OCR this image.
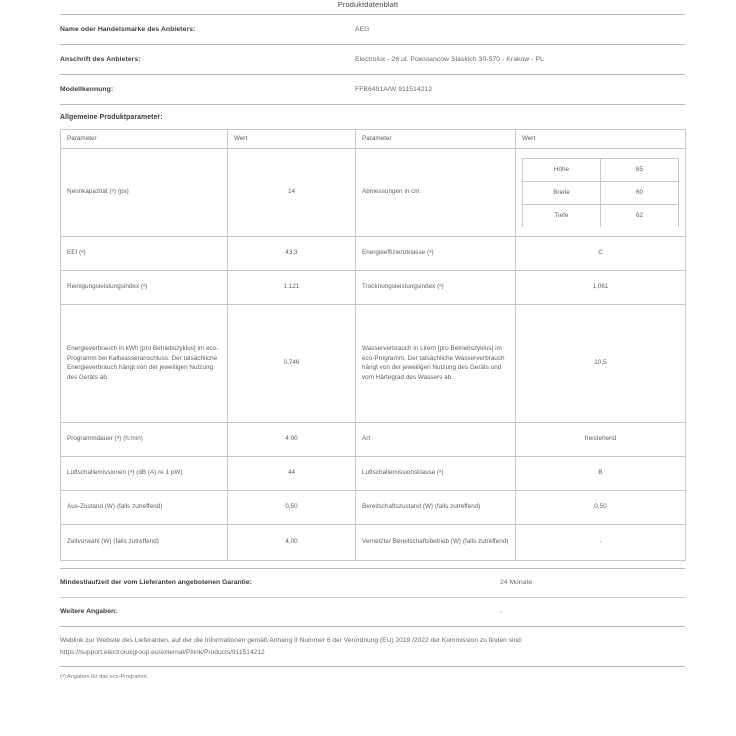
Produktdatenblatt
Name oder Handelsmarke des Anbieters:	AEG
Anschrift des Anbieters:	Electrolux - 26 ul. Powstancow Slaskich 30-570 - Krakow - PL
Modellkennung:	FFB6491A/W 911514212
Allgemeine Produktparameter:
Parameter	Wert	Parameter	Wert
Nennkapazität (ᵃ) (ps)	14	Abmessungen in cm	
Höhe	85
Breite	60
Tiefe	62

EEI (ᵃ)	43,3	Energieeffizienzklasse (ᵃ)	C
Reinigungsleistungsindex (ᵃ)	1,121	Trocknungsleistungsindex (ᵃ)	1,061
Energieverbrauch in kWh [pro Betriebszyklus] im eco-Programm bei Kaltwasseranschluss. Der tatsächliche Energieverbrauch hängt von der jeweiligen Nutzung des Geräts ab.	0,746	Wasserverbrauch in Litern [pro Betriebszyklus] im eco-Programm. Der tatsächliche Wasserverbrauch hängt von der jeweiligen Nutzung des Geräts und vom Härtegrad des Wassers ab.	10,5
Programmdauer (ᵃ) (h:min)	4:00	Art	freistehend
Luftschallemissionen (ᵃ) (dB (A) re 1 pW)	44	Luftschallemissionsklasse (ᵃ)	B
Aus-Zustand (W) (falls zutreffend)	0,50	Bereitschaftszustand (W) (falls zutreffend)	0,50
Zeitvorwahl (W) (falls zutreffend)	4,00	Vernetzter Bereitschaftsbetrieb (W) (falls zutreffend)	-
Mindestlaufzeit der vom Lieferanten angebotenen Garantie:	24 Monate
Weitere Angaben:	-
Weblink zur Website des Lieferanten, auf der die Informationen gemäß Anhang II Nummer 6 der Verordnung (EU) 2019 /2022 der Kommission zu finden sind: https://support.electroluxgroup.eu/external/PIlink/Products/911514212
(ᵃ) Angaben für das eco-Programm.
